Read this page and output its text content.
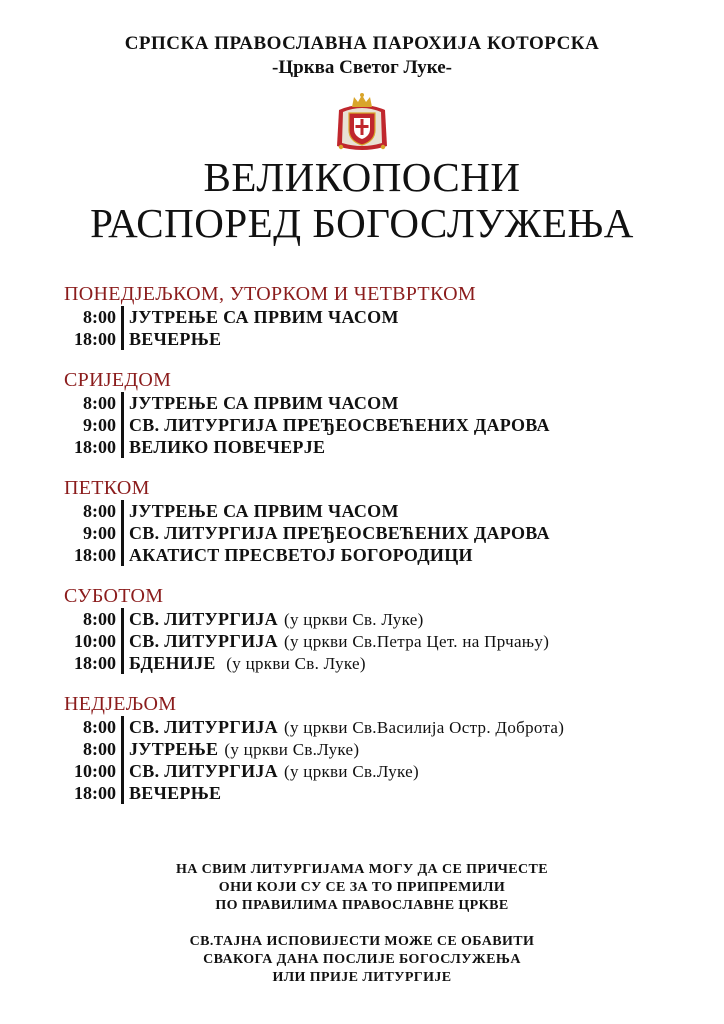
СРПСКА ПРАВОСЛАВНА ПАРОХИЈА КОТОРСКА
-Црква Светог Луке-
ВЕЛИКОПОСНИ
РАСПОРЕД БОГОСЛУЖЕЊА
ПОНЕДЈЕЉКОМ, УТОРКОМ И ЧЕТВРТКОМ
8:00 ЈУТРЕЊЕ СА ПРВИМ ЧАСОМ
18:00 ВЕЧЕРЊЕ
СРИЈЕДОМ
8:00 ЈУТРЕЊЕ СА ПРВИМ ЧАСОМ
9:00 СВ. ЛИТУРГИЈА ПРЕЂЕОСВЕЋЕНИХ ДАРОВА
18:00 ВЕЛИКО ПОВЕЧЕРЈЕ
ПЕТКОМ
8:00 ЈУТРЕЊЕ СА ПРВИМ ЧАСОМ
9:00 СВ. ЛИТУРГИЈА ПРЕЂЕОСВЕЋЕНИХ ДАРОВА
18:00 АКАТИСТ ПРЕСВЕТОЈ БОГОРОДИЦИ
СУБОТОМ
8:00 СВ. ЛИТУРГИЈА (у цркви Св. Луке)
10:00 СВ. ЛИТУРГИЈА (у цркви Св.Петра Цет. на Прчању)
18:00 БДЕНИЈЕ (у цркви Св. Луке)
НЕДЈЕЉОМ
8:00 СВ. ЛИТУРГИЈА (у цркви Св.Василија Остр. Доброта)
8:00 ЈУТРЕЊЕ (у цркви Св.Луке)
10:00 СВ. ЛИТУРГИЈА (у цркви Св.Луке)
18:00 ВЕЧЕРЊЕ
НА СВИМ ЛИТУРГИЈАМА МОГУ ДА СЕ ПРИЧЕСТЕ
ОНИ КОЈИ СУ СЕ ЗА ТО ПРИПРЕМИЛИ
ПО ПРАВИЛИМА ПРАВОСЛАВНЕ ЦРКВЕ
СВ.ТАЈНА ИСПОВИЈЕСТИ МОЖЕ СЕ ОБАВИТИ
СВАКОГА ДАНА ПОСЛИЈЕ БОГОСЛУЖЕЊА
ИЛИ ПРИЈЕ ЛИТУРГИЈЕ
